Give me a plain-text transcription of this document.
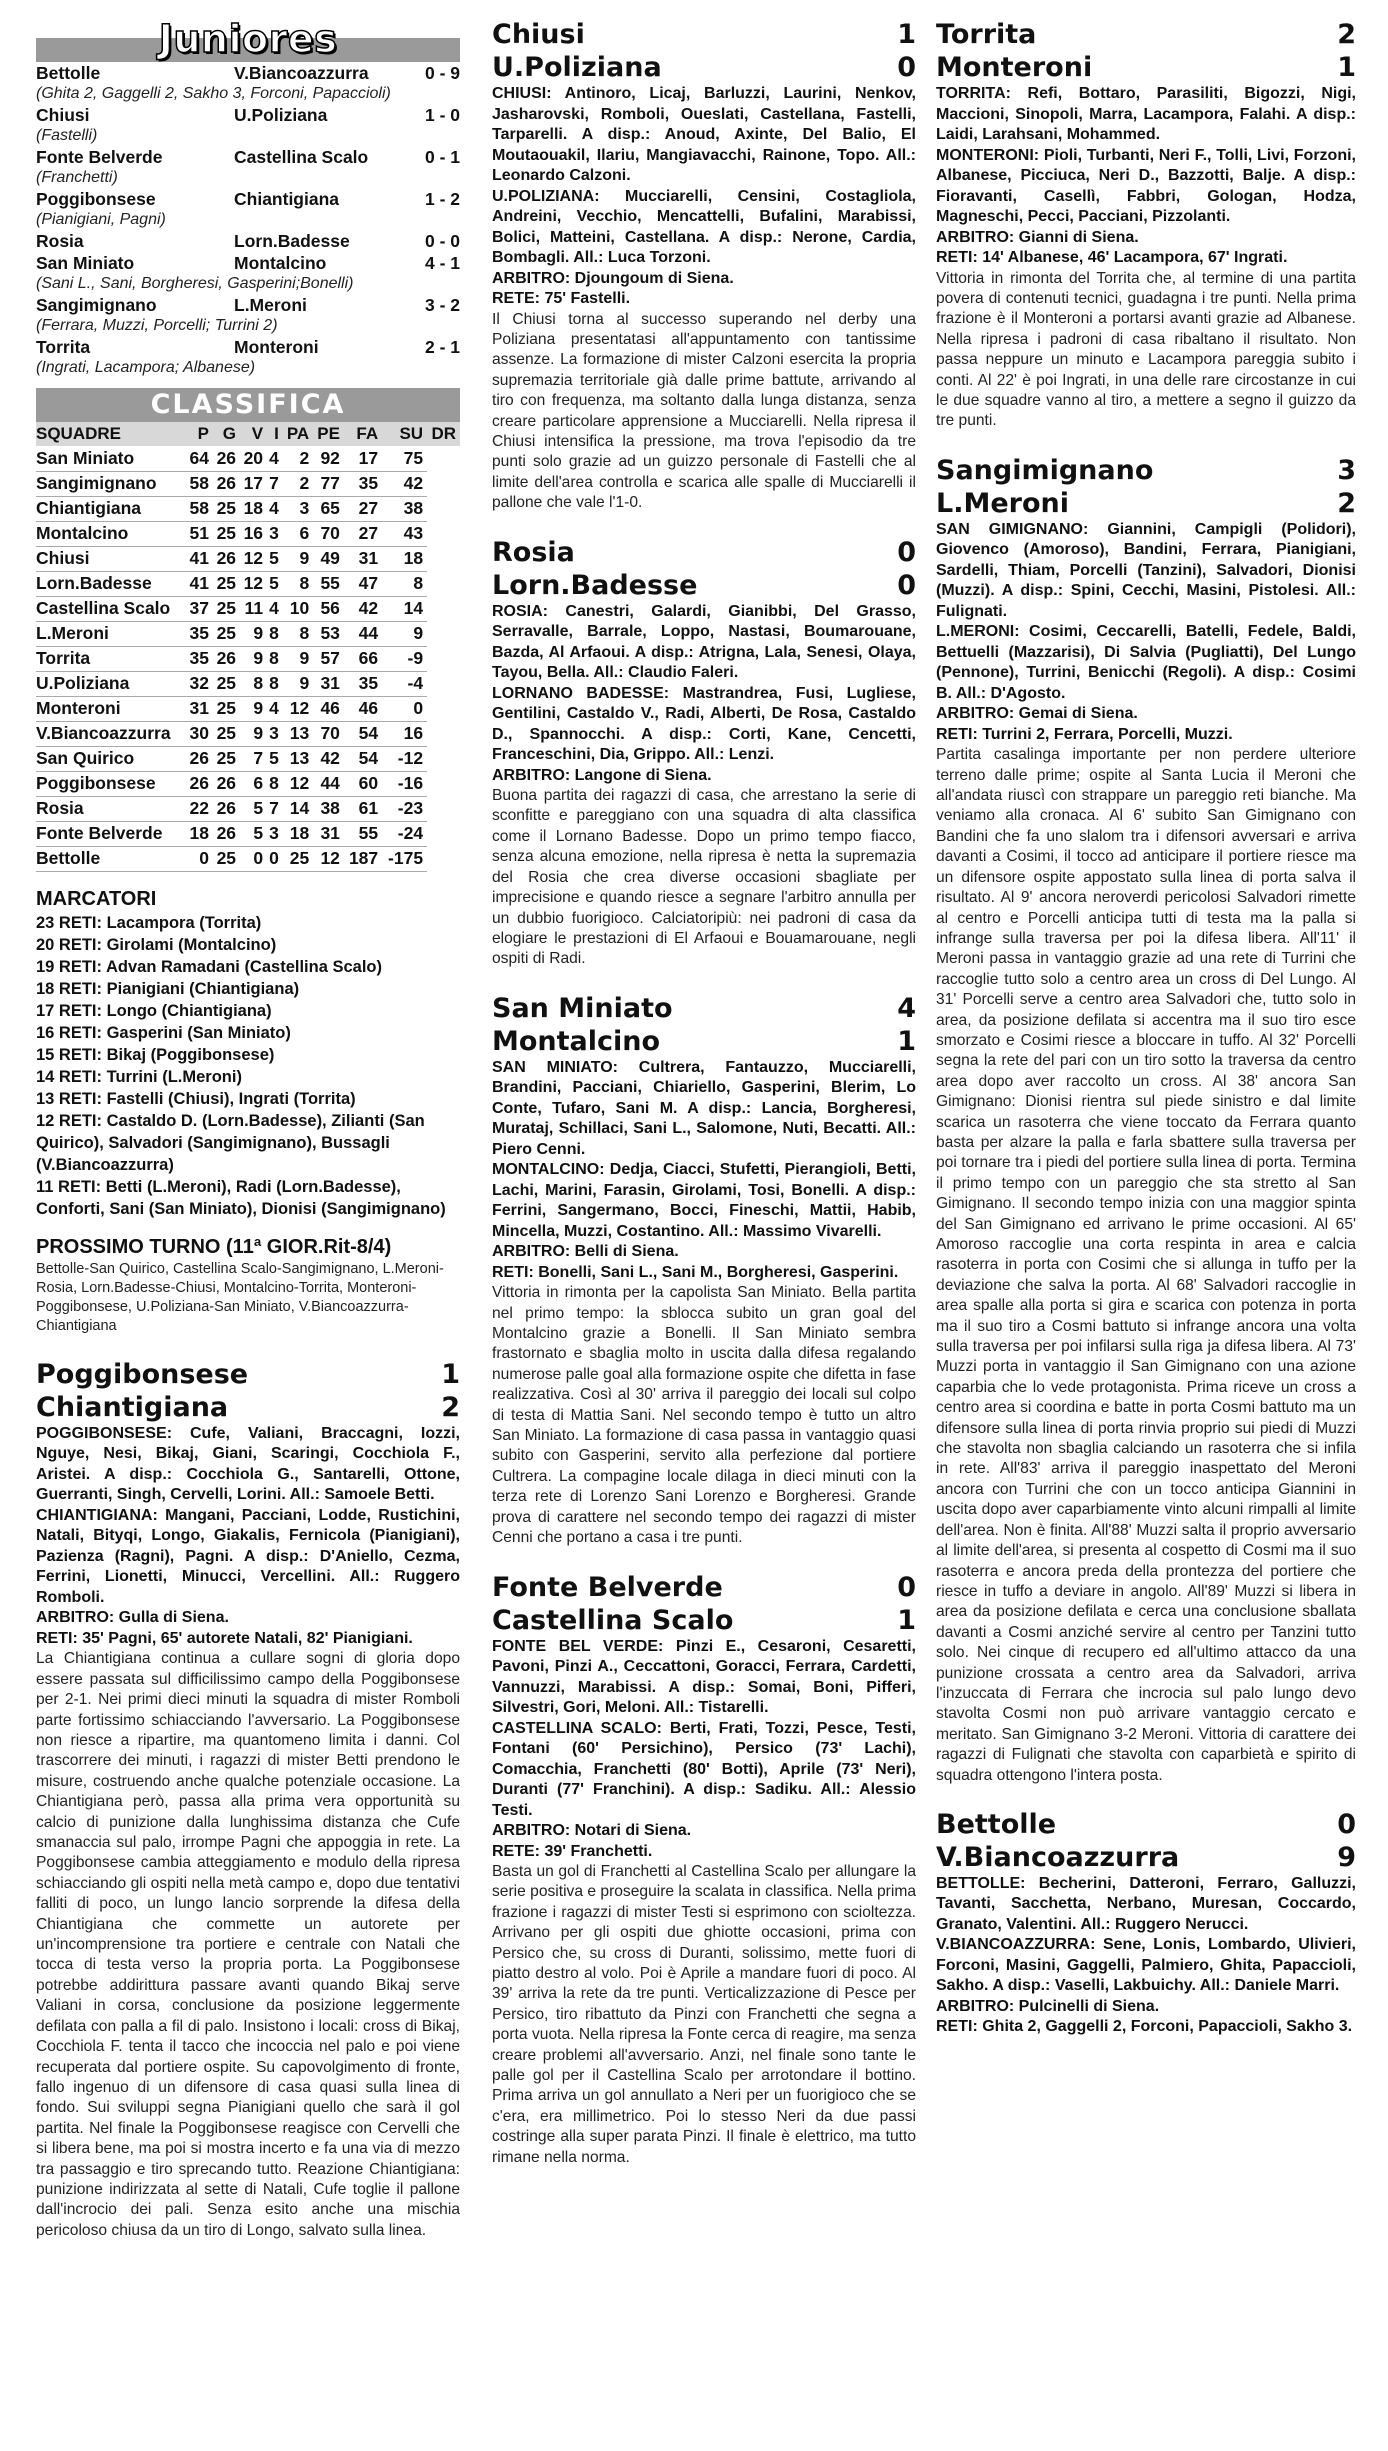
Juniores
Bettolle	V.Biancoazzurra	0 - 9
(Ghita 2, Gaggelli 2, Sakho 3, Forconi, Papaccioli)
Chiusi	U.Poliziana	1 - 0
(Fastelli)
Fonte Belverde	Castellina Scalo	0 - 1
(Franchetti)
Poggibonsese	Chiantigiana	1 - 2
(Pianigiani, Pagni)
Rosia	Lorn.Badesse	0 - 0
San Miniato	Montalcino	4 - 1
(Sani L., Sani, Borgheresi, Gasperini;Bonelli)
Sangimignano	L.Meroni	3 - 2
(Ferrara, Muzzi, Porcelli; Turrini 2)
Torrita	Monteroni	2 - 1
(Ingrati, Lacampora; Albanese)
CLASSIFICA
SQUADRE	P	G	V	I	PA	PE	FA	SU	DR
San Miniato	64	26	20	4	2	92	17	75	
Sangimignano	58	26	17	7	2	77	35	42	
Chiantigiana	58	25	18	4	3	65	27	38	
Montalcino	51	25	16	3	6	70	27	43	
Chiusi	41	26	12	5	9	49	31	18	
Lorn.Badesse	41	25	12	5	8	55	47	8	
Castellina Scalo	37	25	11	4	10	56	42	14	
L.Meroni	35	25	9	8	8	53	44	9	
Torrita	35	26	9	8	9	57	66	-9	
U.Poliziana	32	25	8	8	9	31	35	-4	
Monteroni	31	25	9	4	12	46	46	0	
V.Biancoazzurra	30	25	9	3	13	70	54	16	
San Quirico	26	25	7	5	13	42	54	-12	
Poggibonsese	26	26	6	8	12	44	60	-16	
Rosia	22	26	5	7	14	38	61	-23	
Fonte Belverde	18	26	5	3	18	31	55	-24	
Bettolle	0	25	0	0	25	12	187	-175	
MARCATORI

23 RETI: Lacampora (Torrita)

20 RETI: Girolami (Montalcino)

19 RETI: Advan Ramadani (Castellina Scalo)

18 RETI: Pianigiani (Chiantigiana)

17 RETI: Longo (Chiantigiana)

16 RETI: Gasperini (San Miniato)

15 RETI: Bikaj (Poggibonsese)

14 RETI: Turrini (L.Meroni)

13 RETI: Fastelli (Chiusi), Ingrati (Torrita)

12 RETI: Castaldo D. (Lorn.Badesse), Zilianti (San Quirico), Salvadori (Sangimignano), Bussagli (V.Biancoazzurra)

11 RETI: Betti (L.Meroni), Radi (Lorn.Badesse), Conforti, Sani (San Miniato), Dionisi (Sangimignano)

PROSSIMO TURNO (11ª GIOR.Rit-8/4)
Bettolle-San Quirico, Castellina Scalo-Sangimignano, L.Meroni-Rosia, Lorn.Badesse-Chiusi, Montalcino-Torrita, Monteroni-Poggibonsese, U.Poliziana-San Miniato, V.Biancoazzurra-Chiantigiana
Poggibonsese	1
Chiantigiana	2
POGGIBONSESE: Cufe, Valiani, Braccagni, Iozzi, Nguye, Nesi, Bikaj, Giani, Scaringi, Cocchiola F., Aristei. A disp.: Cocchiola G., Santarelli, Ottone, Guerranti, Singh, Cervelli, Lorini. All.: Samoele Betti.
CHIANTIGIANA: Mangani, Pacciani, Lodde, Rustichini, Natali, Bityqi, Longo, Giakalis, Fernicola (Pianigiani), Pazienza (Ragni), Pagni. A disp.: D'Aniello, Cezma, Ferrini, Lionetti, Minucci, Vercellini. All.: Ruggero Romboli.
ARBITRO: Gulla di Siena.
RETI: 35' Pagni, 65' autorete Natali, 82' Pianigiani.
La Chiantigiana continua a cullare sogni di gloria dopo essere passata sul difficilissimo campo della Poggibonsese per 2-1. Nei primi dieci minuti la squadra di mister Romboli parte fortissimo schiacciando l'avversario. La Poggibonsese non riesce a ripartire, ma quantomeno limita i danni. Col trascorrere dei minuti, i ragazzi di mister Betti prendono le misure, costruendo anche qualche potenziale occasione. La Chiantigiana però, passa alla prima vera opportunità su calcio di punizione dalla lunghissima distanza che Cufe smanaccia sul palo, irrompe Pagni che appoggia in rete. La Poggibonsese cambia atteggiamento e modulo della ripresa schiacciando gli ospiti nella metà campo e, dopo due tentativi falliti di poco, un lungo lancio sorprende la difesa della Chiantigiana che commette un autorete per un'incomprensione tra portiere e centrale con Natali che tocca di testa verso la propria porta. La Poggibonsese potrebbe addirittura passare avanti quando Bikaj serve Valiani in corsa, conclusione da posizione leggermente defilata con palla a fil di palo. Insistono i locali: cross di Bikaj, Cocchiola F. tenta il tacco che incoccia nel palo e poi viene recuperata dal portiere ospite. Su capovolgimento di fronte, fallo ingenuo di un difensore di casa quasi sulla linea di fondo. Sui sviluppi segna Pianigiani quello che sarà il gol partita. Nel finale la Poggibonsese reagisce con Cervelli che si libera bene, ma poi si mostra incerto e fa una via di mezzo tra passaggio e tiro sprecando tutto. Reazione Chiantigiana: punizione indirizzata al sette di Natali, Cufe toglie il pallone dall'incrocio dei pali. Senza esito anche una mischia pericoloso chiusa da un tiro di Longo, salvato sulla linea.
Chiusi	1
U.Poliziana	0
CHIUSI: Antinoro, Licaj, Barluzzi, Laurini, Nenkov, Jasharovski, Romboli, Oueslati, Castellana, Fastelli, Tarparelli. A disp.: Anoud, Axinte, Del Balio, El Moutaouakil, Ilariu, Mangiavacchi, Rainone, Topo. All.: Leonardo Calzoni.
U.POLIZIANA: Mucciarelli, Censini, Costagliola, Andreini, Vecchio, Mencattelli, Bufalini, Marabissi, Bolici, Matteini, Castellana. A disp.: Nerone, Cardia, Bombagli. All.: Luca Torzoni.
ARBITRO: Djoungoum di Siena.
RETE: 75' Fastelli.
Il Chiusi torna al successo superando nel derby una Poliziana presentatasi all'appuntamento con tantissime assenze. La formazione di mister Calzoni esercita la propria supremazia territoriale già dalle prime battute, arrivando al tiro con frequenza, ma soltanto dalla lunga distanza, senza creare particolare apprensione a Mucciarelli. Nella ripresa il Chiusi intensifica la pressione, ma trova l'episodio da tre punti solo grazie ad un guizzo personale di Fastelli che al limite dell'area controlla e scarica alle spalle di Mucciarelli il pallone che vale l'1-0.
Rosia	0
Lorn.Badesse	0
ROSIA: Canestri, Galardi, Gianibbi, Del Grasso, Serravalle, Barrale, Loppo, Nastasi, Boumarouane, Bazda, Al Arfaoui. A disp.: Atrigna, Lala, Senesi, Olaya, Tayou, Bella. All.: Claudio Faleri.
LORNANO BADESSE: Mastrandrea, Fusi, Lugliese, Gentilini, Castaldo V., Radi, Alberti, De Rosa, Castaldo D., Spannocchi. A disp.: Corti, Kane, Cencetti, Franceschini, Dia, Grippo. All.: Lenzi.
ARBITRO: Langone di Siena.
Buona partita dei ragazzi di casa, che arrestano la serie di sconfitte e pareggiano con una squadra di alta classifica come il Lornano Badesse. Dopo un primo tempo fiacco, senza alcuna emozione, nella ripresa è netta la supremazia del Rosia che crea diverse occasioni sbagliate per imprecisione e quando riesce a segnare l'arbitro annulla per un dubbio fuorigioco. Calciatoripiù: nei padroni di casa da elogiare le prestazioni di El Arfaoui e Bouamarouane, negli ospiti di Radi.
San Miniato	4
Montalcino	1
SAN MINIATO: Cultrera, Fantauzzo, Mucciarelli, Brandini, Pacciani, Chiariello, Gasperini, Blerim, Lo Conte, Tufaro, Sani M. A disp.: Lancia, Borgheresi, Murataj, Schillaci, Sani L., Salomone, Nuti, Becatti. All.: Piero Cenni.
MONTALCINO: Dedja, Ciacci, Stufetti, Pierangioli, Betti, Lachi, Marini, Farasin, Girolami, Tosi, Bonelli. A disp.: Ferrini, Sangermano, Bocci, Fineschi, Mattii, Habib, Mincella, Muzzi, Costantino. All.: Massimo Vivarelli.
ARBITRO: Belli di Siena.
RETI: Bonelli, Sani L., Sani M., Borgheresi, Gasperini.
Vittoria in rimonta per la capolista San Miniato. Bella partita nel primo tempo: la sblocca subito un gran goal del Montalcino grazie a Bonelli. Il San Miniato sembra frastornato e sbaglia molto in uscita dalla difesa regalando numerose palle goal alla formazione ospite che difetta in fase realizzativa. Così al 30' arriva il pareggio dei locali sul colpo di testa di Mattia Sani. Nel secondo tempo è tutto un altro San Miniato. La formazione di casa passa in vantaggio quasi subito con Gasperini, servito alla perfezione dal portiere Cultrera. La compagine locale dilaga in dieci minuti con la terza rete di Lorenzo Sani Lorenzo e Borgheresi. Grande prova di carattere nel secondo tempo dei ragazzi di mister Cenni che portano a casa i tre punti.
Fonte Belverde	0
Castellina Scalo	1
FONTE BEL VERDE: Pinzi E., Cesaroni, Cesaretti, Pavoni, Pinzi A., Ceccattoni, Goracci, Ferrara, Cardetti, Vannuzzi, Marabissi. A disp.: Somai, Boni, Pifferi, Silvestri, Gori, Meloni. All.: Tistarelli.
CASTELLINA SCALO: Berti, Frati, Tozzi, Pesce, Testi, Fontani (60' Persichino), Persico (73' Lachi), Comacchia, Franchetti (80' Botti), Aprile (73' Neri), Duranti (77' Franchini). A disp.: Sadiku. All.: Alessio Testi.
ARBITRO: Notari di Siena.
RETE: 39' Franchetti.
Basta un gol di Franchetti al Castellina Scalo per allungare la serie positiva e proseguire la scalata in classifica. Nella prima frazione i ragazzi di mister Testi si esprimono con scioltezza. Arrivano per gli ospiti due ghiotte occasioni, prima con Persico che, su cross di Duranti, solissimo, mette fuori di piatto destro al volo. Poi è Aprile a mandare fuori di poco. Al 39' arriva la rete da tre punti. Verticalizzazione di Pesce per Persico, tiro ribattuto da Pinzi con Franchetti che segna a porta vuota. Nella ripresa la Fonte cerca di reagire, ma senza creare problemi all'avversario. Anzi, nel finale sono tante le palle gol per il Castellina Scalo per arrotondare il bottino. Prima arriva un gol annullato a Neri per un fuorigioco che se c'era, era millimetrico. Poi lo stesso Neri da due passi costringe alla super parata Pinzi. Il finale è elettrico, ma tutto rimane nella norma.
Torrita	2
Monteroni	1
TORRITA: Refi, Bottaro, Parasiliti, Bigozzi, Nigi, Maccioni, Sinopoli, Marra, Lacampora, Falahi. A disp.: Laidi, Larahsani, Mohammed.
MONTERONI: Pioli, Turbanti, Neri F., Tolli, Livi, Forzoni, Albanese, Picciuca, Neri D., Bazzotti, Balje. A disp.: Fioravanti, Casellì, Fabbri, Gologan, Hodza, Magneschi, Pecci, Pacciani, Pizzolanti.
ARBITRO: Gianni di Siena.
RETI: 14' Albanese, 46' Lacampora, 67' Ingrati.
Vittoria in rimonta del Torrita che, al termine di una partita povera di contenuti tecnici, guadagna i tre punti. Nella prima frazione è il Monteroni a portarsi avanti grazie ad Albanese. Nella ripresa i padroni di casa ribaltano il risultato. Non passa neppure un minuto e Lacampora pareggia subito i conti. Al 22' è poi Ingrati, in una delle rare circostanze in cui le due squadre vanno al tiro, a mettere a segno il guizzo da tre punti.
Sangimignano	3
L.Meroni	2
SAN GIMIGNANO: Giannini, Campigli (Polidori), Giovenco (Amoroso), Bandini, Ferrara, Pianigiani, Sardelli, Thiam, Porcelli (Tanzini), Salvadori, Dionisi (Muzzi). A disp.: Spini, Cecchi, Masini, Pistolesi. All.: Fulignati.
L.MERONI: Cosimi, Ceccarelli, Batelli, Fedele, Baldi, Bettuelli (Mazzarisi), Di Salvia (Pugliatti), Del Lungo (Pennone), Turrini, Benicchi (Regoli). A disp.: Cosimi B. All.: D'Agosto.
ARBITRO: Gemai di Siena.
RETI: Turrini 2, Ferrara, Porcelli, Muzzi.
Partita casalinga importante per non perdere ulteriore terreno dalle prime; ospite al Santa Lucia il Meroni che all'andata riuscì con strappare un pareggio reti bianche. Ma veniamo alla cronaca. Al 6' subito San Gimignano con Bandini che fa uno slalom tra i difensori avversari e arriva davanti a Cosimi, il tocco ad anticipare il portiere riesce ma un difensore ospite appostato sulla linea di porta salva il risultato. Al 9' ancora neroverdi pericolosi Salvadori rimette al centro e Porcelli anticipa tutti di testa ma la palla si infrange sulla traversa per poi la difesa libera. All'11' il Meroni passa in vantaggio grazie ad una rete di Turrini che raccoglie tutto solo a centro area un cross di Del Lungo. Al 31' Porcelli serve a centro area Salvadori che, tutto solo in area, da posizione defilata si accentra ma il suo tiro esce smorzato e Cosimi riesce a bloccare in tuffo. Al 32' Porcelli segna la rete del pari con un tiro sotto la traversa da centro area dopo aver raccolto un cross. Al 38' ancora San Gimignano: Dionisi rientra sul piede sinistro e dal limite scarica un rasoterra che viene toccato da Ferrara quanto basta per alzare la palla e farla sbattere sulla traversa per poi tornare tra i piedi del portiere sulla linea di porta. Termina il primo tempo con un pareggio che sta stretto al San Gimignano. Il secondo tempo inizia con una maggior spinta del San Gimignano ed arrivano le prime occasioni. Al 65' Amoroso raccoglie una corta respinta in area e calcia rasoterra in porta con Cosimi che si allunga in tuffo per la deviazione che salva la porta. Al 68' Salvadori raccoglie in area spalle alla porta si gira e scarica con potenza in porta ma il suo tiro a Cosmi battuto si infrange ancora una volta sulla traversa per poi infilarsi sulla riga ja difesa libera. Al 73' Muzzi porta in vantaggio il San Gimignano con una azione caparbia che lo vede protagonista. Prima riceve un cross a centro area si coordina e batte in porta Cosmi battuto ma un difensore sulla linea di porta rinvia proprio sui piedi di Muzzi che stavolta non sbaglia calciando un rasoterra che si infila in rete. All'83' arriva il pareggio inaspettato del Meroni ancora con Turrini che con un tocco anticipa Giannini in uscita dopo aver caparbiamente vinto alcuni rimpalli al limite dell'area. Non è finita. All'88' Muzzi salta il proprio avversario al limite dell'area, si presenta al cospetto di Cosmi ma il suo rasoterra e ancora preda della prontezza del portiere che riesce in tuffo a deviare in angolo. All'89' Muzzi si libera in area da posizione defilata e cerca una conclusione sballata davanti a Cosmi anziché servire al centro per Tanzini tutto solo. Nei cinque di recupero ed all'ultimo attacco da una punizione crossata a centro area da Salvadori, arriva l'inzuccata di Ferrara che incrocia sul palo lungo devo stavolta Cosmi non può arrivare vantaggio cercato e meritato. San Gimignano 3-2 Meroni. Vittoria di carattere dei ragazzi di Fulignati che stavolta con caparbietà e spirito di squadra ottengono l'intera posta.
Bettolle	0
V.Biancoazzurra	9
BETTOLLE: Becherini, Datteroni, Ferraro, Galluzzi, Tavanti, Sacchetta, Nerbano, Muresan, Coccardo, Granato, Valentini. All.: Ruggero Nerucci.
V.BIANCOAZZURRA: Sene, Lonis, Lombardo, Ulivieri, Forconi, Masini, Gaggelli, Palmiero, Ghita, Papaccioli, Sakho. A disp.: Vaselli, Lakbuichy. All.: Daniele Marri.
ARBITRO: Pulcinelli di Siena.
RETI: Ghita 2, Gaggelli 2, Forconi, Papaccioli, Sakho 3.
